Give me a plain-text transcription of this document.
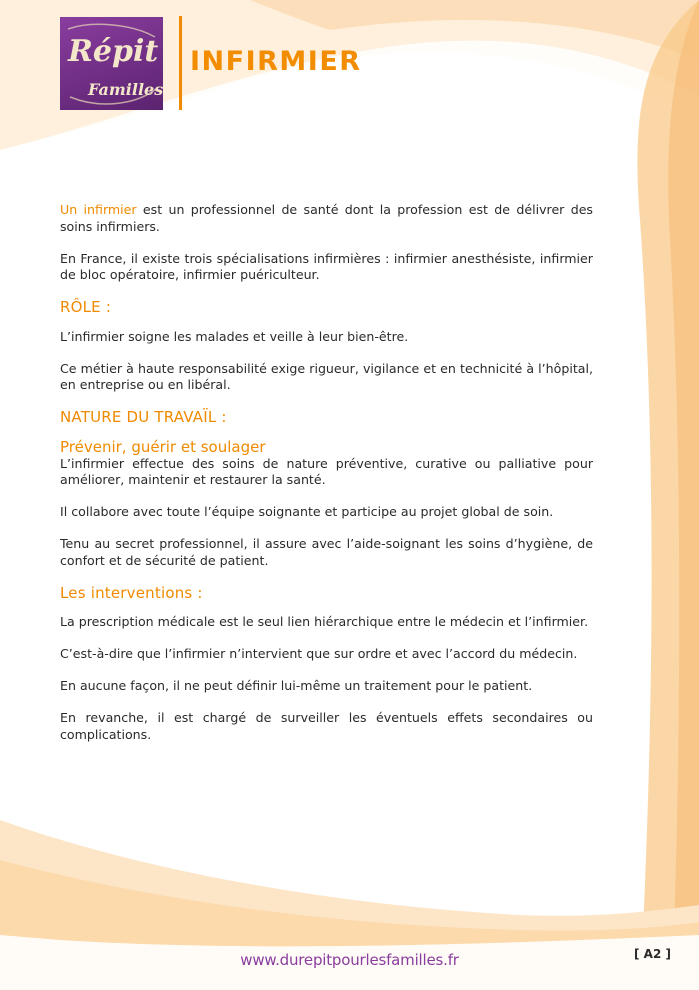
Répit
Familles
INFIRMIER

Un infirmier est un professionnel de santé dont la profession est de délivrer des soins infirmiers.

En France, il existe trois spécialisations infirmières : infirmier anesthésiste, infirmier de bloc opératoire, infirmier puériculteur.

RÔLE :

L’infirmier soigne les malades et veille à leur bien-être.

Ce métier à haute responsabilité exige rigueur, vigilance et en technicité à l’hôpital, en entreprise ou en libéral.

NATURE DU TRAVAÏL :
Prévenir, guérir et soulager

L’infirmier effectue des soins de nature préventive, curative ou palliative pour améliorer, maintenir et restaurer la santé.

Il collabore avec toute l’équipe soignante et participe au projet global de soin.

Tenu au secret professionnel, il assure avec l’aide-soignant les soins d’hygiène, de confort et de sécurité de patient.

Les interventions :

La prescription médicale est le seul lien hiérarchique entre le médecin et l’infirmier.

C’est-à-dire que l’infirmier n’intervient que sur ordre et avec l’accord du médecin.

En aucune façon, il ne peut définir lui-même un traitement pour le patient.

En revanche, il est chargé de surveiller les éventuels effets secondaires ou complications.

www.durepitpourlesfamilles.fr	[ A2 ]
